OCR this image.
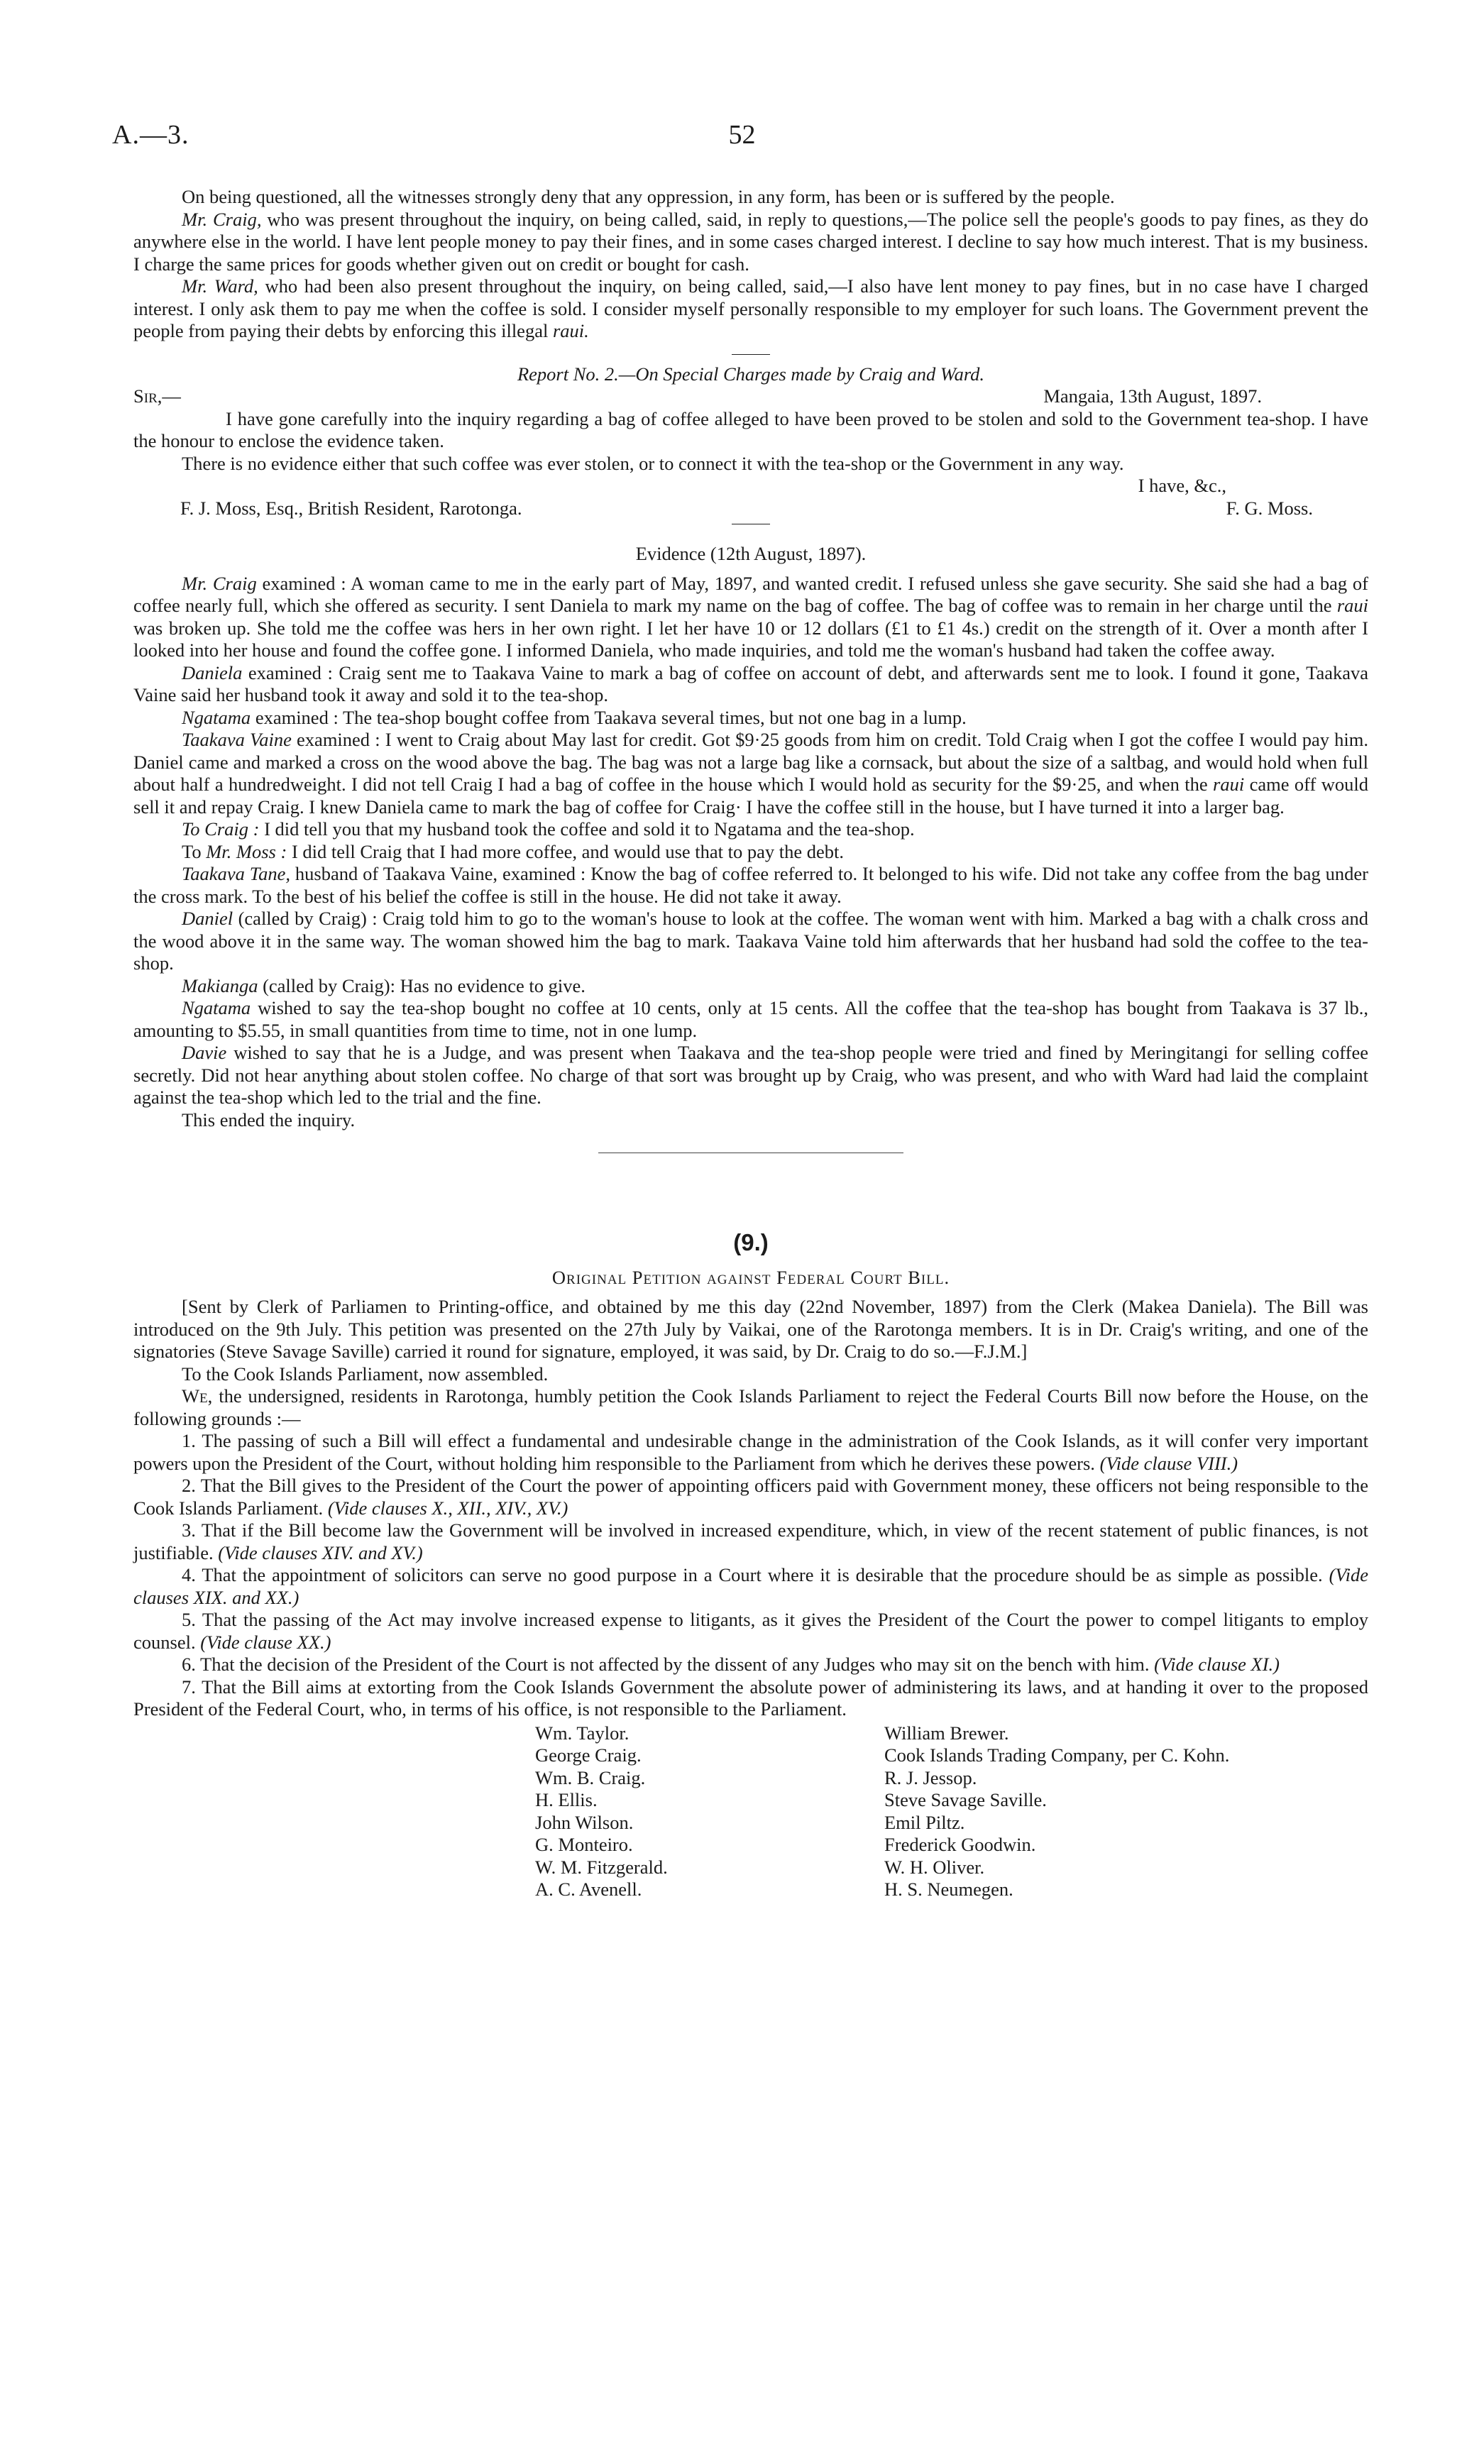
A.—3.	52

On being questioned, all the witnesses strongly deny that any oppression, in any form, has been or is suffered by the people.

Mr. Craig, who was present throughout the inquiry, on being called, said, in reply to questions,—The police sell the people's goods to pay fines, as they do anywhere else in the world. I have lent people money to pay their fines, and in some cases charged interest. I decline to say how much interest. That is my business. I charge the same prices for goods whether given out on credit or bought for cash.

Mr. Ward, who had been also present throughout the inquiry, on being called, said,—I also have lent money to pay fines, but in no case have I charged interest. I only ask them to pay me when the coffee is sold. I consider myself personally responsible to my employer for such loans. The Government prevent the people from paying their debts by enforcing this illegal raui.

Report No. 2.—On Special Charges made by Craig and Ward.

Sir,—	Mangaia, 13th August, 1897.

I have gone carefully into the inquiry regarding a bag of coffee alleged to have been proved to be stolen and sold to the Government tea-shop. I have the honour to enclose the evidence taken.

There is no evidence either that such coffee was ever stolen, or to connect it with the tea-shop or the Government in any way.

I have, &c.,
F. J. Moss, Esq., British Resident, Rarotonga.	F. G. Moss.

Evidence (12th August, 1897).

Mr. Craig examined : A woman came to me in the early part of May, 1897, and wanted credit. I refused unless she gave security. She said she had a bag of coffee nearly full, which she offered as security. I sent Daniela to mark my name on the bag of coffee. The bag of coffee was to remain in her charge until the raui was broken up. She told me the coffee was hers in her own right. I let her have 10 or 12 dollars (£1 to £1 4s.) credit on the strength of it. Over a month after I looked into her house and found the coffee gone. I informed Daniela, who made inquiries, and told me the woman's husband had taken the coffee away.

Daniela examined : Craig sent me to Taakava Vaine to mark a bag of coffee on account of debt, and afterwards sent me to look. I found it gone, Taakava Vaine said her husband took it away and sold it to the tea-shop.

Ngatama examined : The tea-shop bought coffee from Taakava several times, but not one bag in a lump.

Taakava Vaine examined : I went to Craig about May last for credit. Got $9·25 goods from him on credit. Told Craig when I got the coffee I would pay him. Daniel came and marked a cross on the wood above the bag. The bag was not a large bag like a cornsack, but about the size of a saltbag, and would hold when full about half a hundredweight. I did not tell Craig I had a bag of coffee in the house which I would hold as security for the $9·25, and when the raui came off would sell it and repay Craig. I knew Daniela came to mark the bag of coffee for Craig· I have the coffee still in the house, but I have turned it into a larger bag.

To Craig : I did tell you that my husband took the coffee and sold it to Ngatama and the tea-shop.

To Mr. Moss : I did tell Craig that I had more coffee, and would use that to pay the debt.

Taakava Tane, husband of Taakava Vaine, examined : Know the bag of coffee referred to. It belonged to his wife. Did not take any coffee from the bag under the cross mark. To the best of his belief the coffee is still in the house. He did not take it away.

Daniel (called by Craig) : Craig told him to go to the woman's house to look at the coffee. The woman went with him. Marked a bag with a chalk cross and the wood above it in the same way. The woman showed him the bag to mark. Taakava Vaine told him afterwards that her husband had sold the coffee to the tea-shop.

Makianga (called by Craig): Has no evidence to give.

Ngatama wished to say the tea-shop bought no coffee at 10 cents, only at 15 cents. All the coffee that the tea-shop has bought from Taakava is 37 lb., amounting to $5.55, in small quantities from time to time, not in one lump.

Davie wished to say that he is a Judge, and was present when Taakava and the tea-shop people were tried and fined by Meringitangi for selling coffee secretly. Did not hear anything about stolen coffee. No charge of that sort was brought up by Craig, who was present, and who with Ward had laid the complaint against the tea-shop which led to the trial and the fine.

This ended the inquiry.

(9.)

Original Petition against Federal Court Bill.

[Sent by Clerk of Parliamen to Printing-office, and obtained by me this day (22nd November, 1897) from the Clerk (Makea Daniela). The Bill was introduced on the 9th July. This petition was presented on the 27th July by Vaikai, one of the Rarotonga members. It is in Dr. Craig's writing, and one of the signatories (Steve Savage Saville) carried it round for signature, employed, it was said, by Dr. Craig to do so.—F.J.M.]

To the Cook Islands Parliament, now assembled.

We, the undersigned, residents in Rarotonga, humbly petition the Cook Islands Parliament to reject the Federal Courts Bill now before the House, on the following grounds :—

1. The passing of such a Bill will effect a fundamental and undesirable change in the administration of the Cook Islands, as it will confer very important powers upon the President of the Court, without holding him responsible to the Parliament from which he derives these powers. (Vide clause VIII.)

2. That the Bill gives to the President of the Court the power of appointing officers paid with Government money, these officers not being responsible to the Cook Islands Parliament. (Vide clauses X., XII., XIV., XV.)

3. That if the Bill become law the Government will be involved in increased expenditure, which, in view of the recent statement of public finances, is not justifiable. (Vide clauses XIV. and XV.)

4. That the appointment of solicitors can serve no good purpose in a Court where it is desirable that the procedure should be as simple as possible. (Vide clauses XIX. and XX.)

5. That the passing of the Act may involve increased expense to litigants, as it gives the President of the Court the power to compel litigants to employ counsel. (Vide clause XX.)

6. That the decision of the President of the Court is not affected by the dissent of any Judges who may sit on the bench with him. (Vide clause XI.)

7. That the Bill aims at extorting from the Cook Islands Government the absolute power of administering its laws, and at handing it over to the proposed President of the Federal Court, who, in terms of his office, is not responsible to the Parliament.

Wm. Taylor.
George Craig.
Wm. B. Craig.
H. Ellis.
John Wilson.
G. Monteiro.
W. M. Fitzgerald.
A. C. Avenell.
William Brewer.
Cook Islands Trading Company, per C. Kohn.
R. J. Jessop.
Steve Savage Saville.
Emil Piltz.
Frederick Goodwin.
W. H. Oliver.
H. S. Neumegen.
